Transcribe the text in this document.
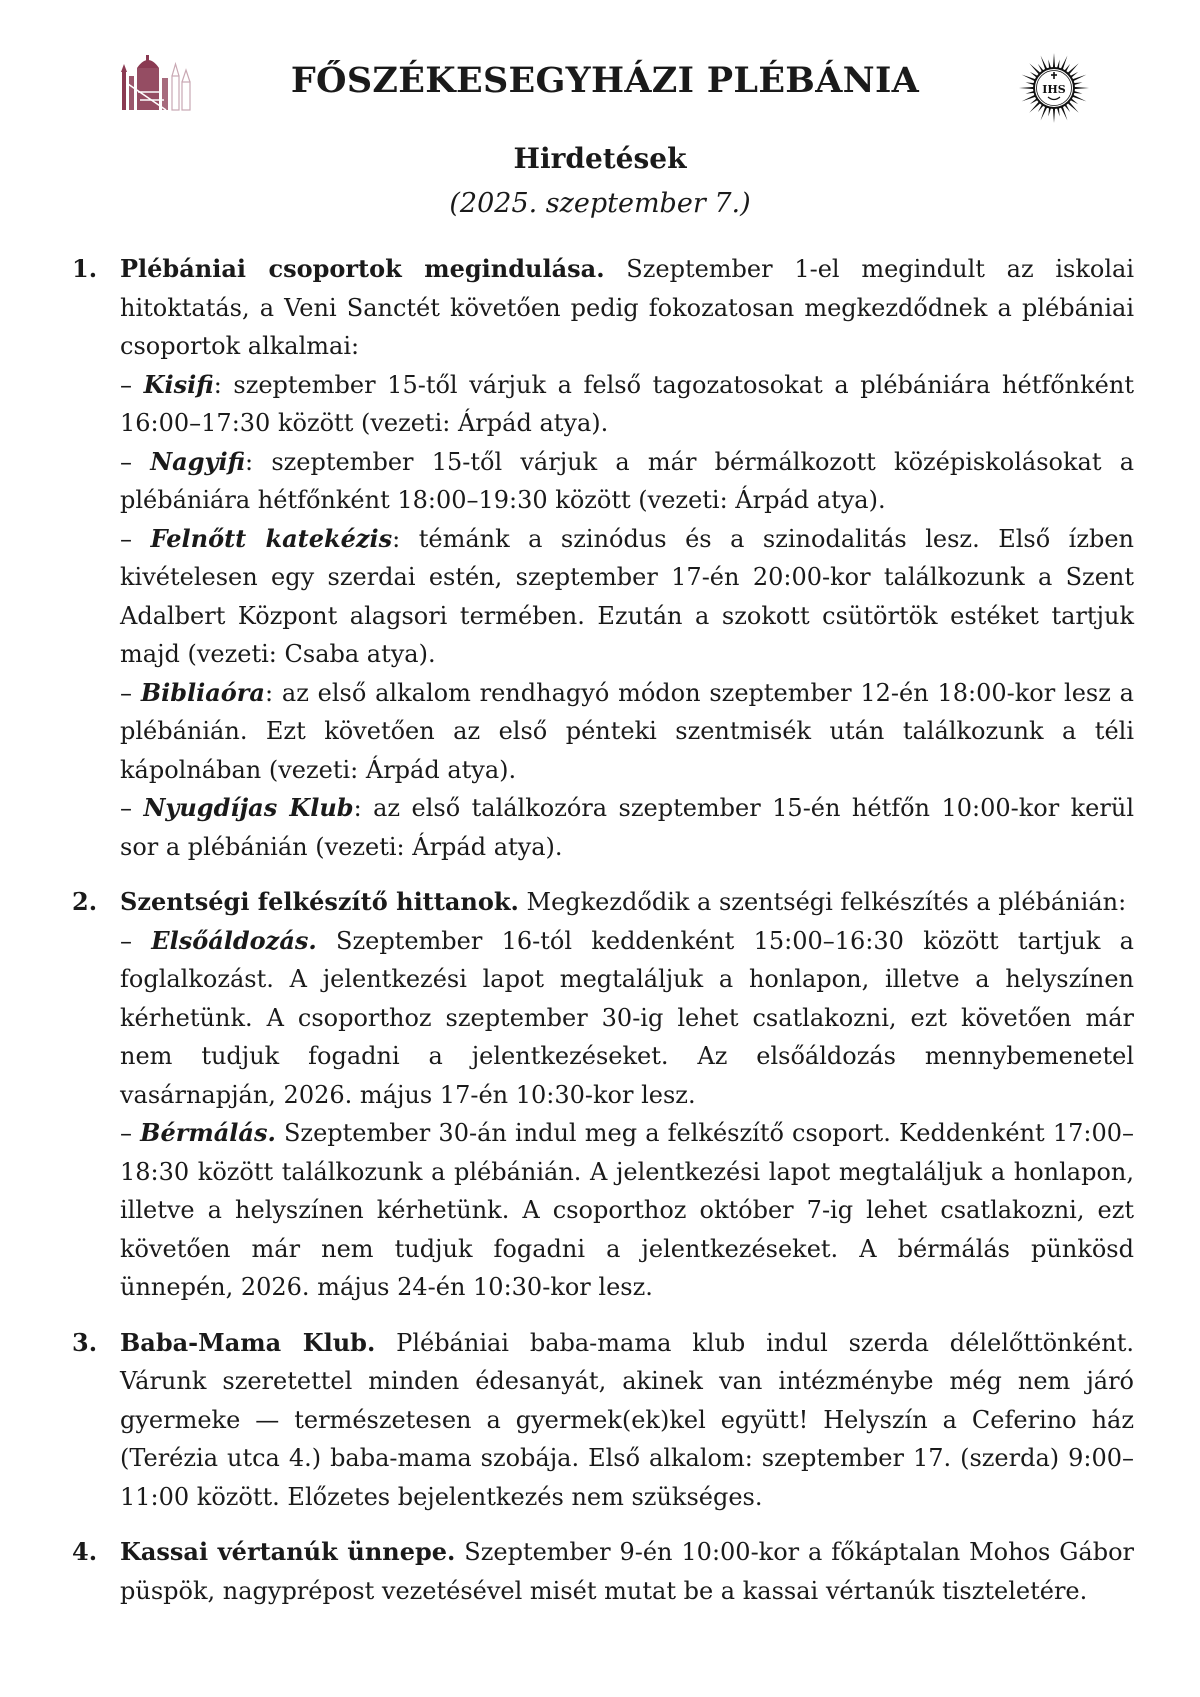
FŐSZÉKESEGYHÁZI PLÉBÁNIA	IHS
Hirdetések

(2025. szeptember 7.)

1. Plébániai csoportok megindulása. Szeptember 1-el megindult az iskolai hitoktatás, a Veni Sanctét követően pedig fokozatosan megkezdődnek a plébániai csoportok alkalmai:

– Kisifi: szeptember 15-től várjuk a felső tagozatosokat a plébániára hétfőnként 16:00–17:30 között (vezeti: Árpád atya).

– Nagyifi: szeptember 15-től várjuk a már bérmálkozott középiskolásokat a plébániára hétfőnként 18:00–19:30 között (vezeti: Árpád atya).

– Felnőtt katekézis: témánk a szinódus és a szinodalitás lesz. Első ízben kivételesen egy szerdai estén, szeptember 17-én 20:00-kor találkozunk a Szent Adalbert Központ alagsori termében. Ezután a szokott csütörtök estéket tartjuk majd (vezeti: Csaba atya).

– Bibliaóra: az első alkalom rendhagyó módon szeptember 12-én 18:00-kor lesz a plébánián. Ezt követően az első pénteki szentmisék után találkozunk a téli kápolnában (vezeti: Árpád atya).

– Nyugdíjas Klub: az első találkozóra szeptember 15-én hétfőn 10:00-kor kerül sor a plébánián (vezeti: Árpád atya).

2. Szentségi felkészítő hittanok. Megkezdődik a szentségi felkészítés a plébánián:

– Elsőáldozás. Szeptember 16-tól keddenként 15:00–16:30 között tartjuk a foglalkozást. A jelentkezési lapot megtaláljuk a honlapon, illetve a helyszínen kérhetünk. A csoporthoz szeptember 30-ig lehet csatlakozni, ezt követően már nem tudjuk fogadni a jelentkezéseket. Az elsőáldozás mennybemenetel vasárnapján, 2026. május 17-én 10:30-kor lesz.

– Bérmálás. Szeptember 30-án indul meg a felkészítő csoport. Keddenként 17:00–18:30 között találkozunk a plébánián. A jelentkezési lapot megtaláljuk a honlapon, illetve a helyszínen kérhetünk. A csoporthoz október 7-ig lehet csatlakozni, ezt követően már nem tudjuk fogadni a jelentkezéseket. A bérmálás pünkösd ünnepén, 2026. május 24-én 10:30-kor lesz.

3. Baba-Mama Klub. Plébániai baba-mama klub indul szerda délelőttönként. Várunk szeretettel minden édesanyát, akinek van intézménybe még nem járó gyermeke — természetesen a gyermek(ek)kel együtt! Helyszín a Ceferino ház (Terézia utca 4.) baba-mama szobája. Első alkalom: szeptember 17. (szerda) 9:00–11:00 között. Előzetes bejelentkezés nem szükséges.

4. Kassai vértanúk ünnepe. Szeptember 9-én 10:00-kor a főkáptalan Mohos Gábor püspök, nagyprépost vezetésével misét mutat be a kassai vértanúk tiszteletére.
